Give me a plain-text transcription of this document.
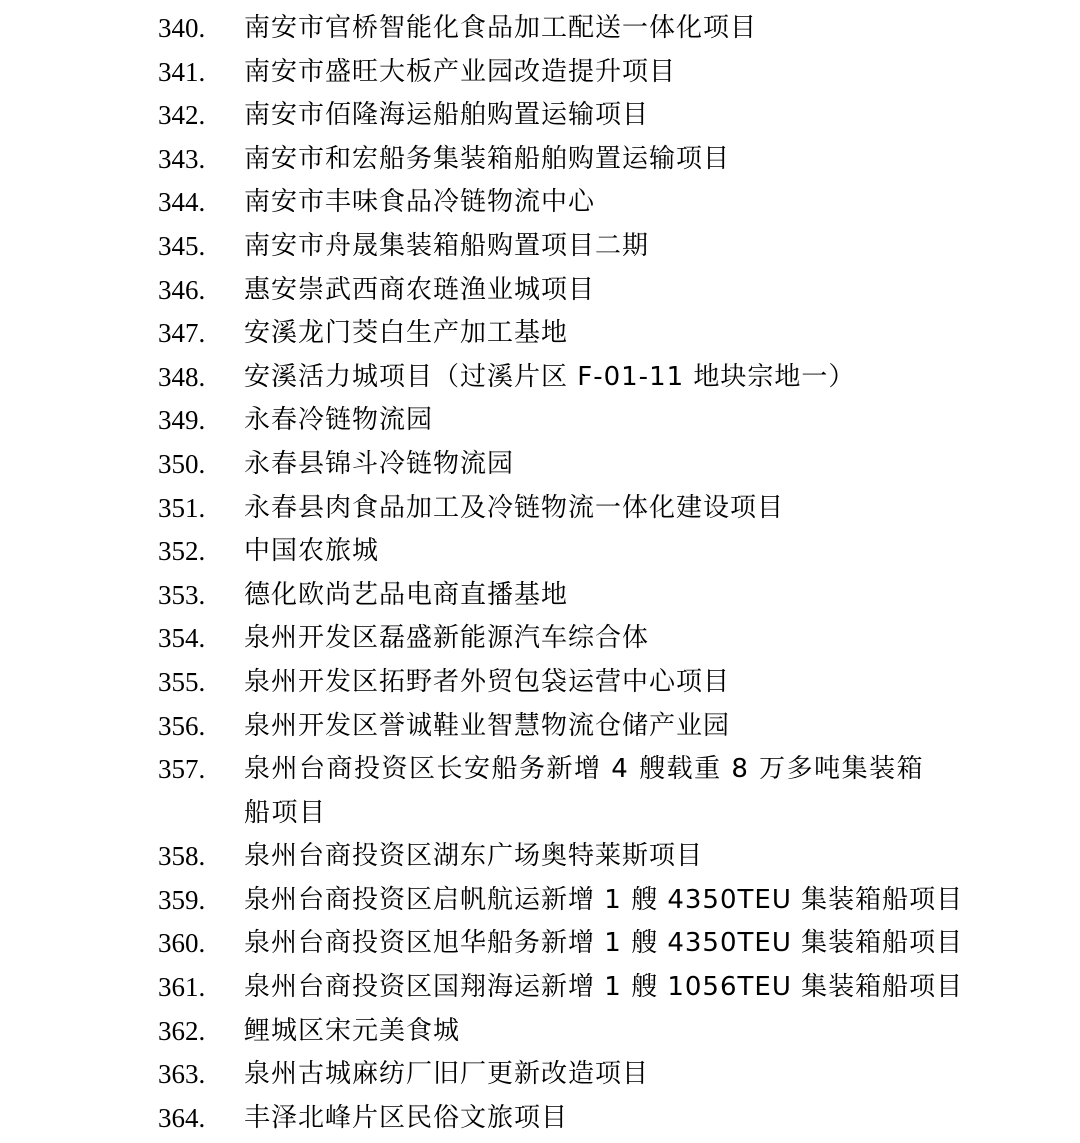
340. 南安市官桥智能化食品加工配送一体化项目
341. 南安市盛旺大板产业园改造提升项目
342. 南安市佰隆海运船舶购置运输项目
343. 南安市和宏船务集装箱船舶购置运输项目
344. 南安市丰味食品冷链物流中心
345. 南安市舟晟集装箱船购置项目二期
346. 惠安崇武西商农琏渔业城项目
347. 安溪龙门茭白生产加工基地
348. 安溪活力城项目（过溪片区 F-01-11 地块宗地一）
349. 永春冷链物流园
350. 永春县锦斗冷链物流园
351. 永春县肉食品加工及冷链物流一体化建设项目
352. 中国农旅城
353. 德化欧尚艺品电商直播基地
354. 泉州开发区磊盛新能源汽车综合体
355. 泉州开发区拓野者外贸包袋运营中心项目
356. 泉州开发区誉诚鞋业智慧物流仓储产业园
357. 泉州台商投资区长安船务新增 4 艘载重 8 万多吨集装箱船项目
358. 泉州台商投资区湖东广场奥特莱斯项目
359. 泉州台商投资区启帆航运新增 1 艘 4350TEU 集装箱船项目
360. 泉州台商投资区旭华船务新增 1 艘 4350TEU 集装箱船项目
361. 泉州台商投资区国翔海运新增 1 艘 1056TEU 集装箱船项目
362. 鲤城区宋元美食城
363. 泉州古城麻纺厂旧厂更新改造项目
364. 丰泽北峰片区民俗文旅项目
